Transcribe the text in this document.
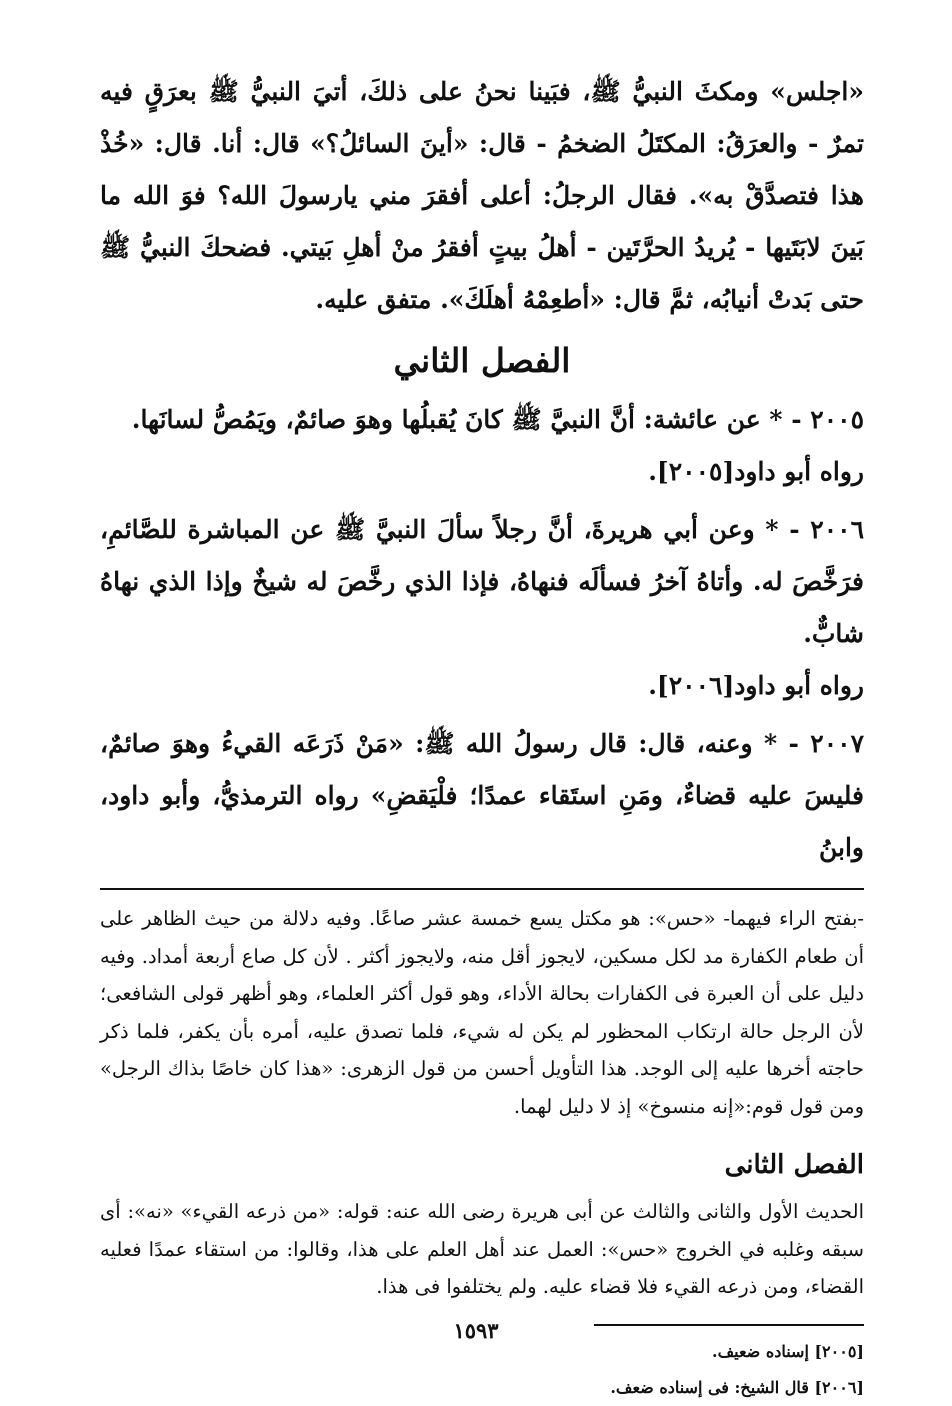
«اجلس» ومكثَ النبيُّ ﷺ، فبَينا نحنُ على ذلكَ، أتيَ النبيُّ ﷺ بعرَقٍ فيه تمرٌ - والعرَقُ: المكتَلُ الضخمُ - قال: «أينَ السائلُ؟» قال: أنا. قال: «خُذْ هذا فتصدَّقْ به». فقال الرجلُ: أعلى أفقرَ مني يارسولَ الله؟ فوَ الله ما بَينَ لابَتَيها - يُريدُ الحرَّتَين - أهلُ بيتٍ أفقرُ منْ أهلِ بَيتي. فضحكَ النبيُّ ﷺ حتى بَدتْ أنيابُه، ثمَّ قال: «أطعِمْهُ أهلَكَ». متفق عليه.

الفصل الثاني

٢٠٠٥ - * عن عائشة: أنَّ النبيَّ ﷺ كانَ يُقبلُها وهوَ صائمٌ، ويَمُصُّ لسانَها.

رواه أبو داود[٢٠٠٥].

٢٠٠٦ - * وعن أبي هريرةَ، أنَّ رجلاً سألَ النبيَّ ﷺ عن المباشرة للصَّائمِ، فرَخَّصَ له. وأتاهُ آخرُ فسألَه فنهاهُ، فإذا الذي رخَّصَ له شيخٌ وإذا الذي نهاهُ شابٌّ.

رواه أبو داود[٢٠٠٦].

٢٠٠٧ - * وعنه، قال: قال رسولُ الله ﷺ: «مَنْ ذَرَعَه القيءُ وهوَ صائمٌ، فليسَ عليه قضاءٌ، ومَنِ استَقاء عمدًا؛ فلْيَقضِ» رواه الترمذيُّ، وأبو داود، وابنُ

-بفتح الراء فيهما- «حس»: هو مكتل يسع خمسة عشر صاعًا. وفيه دلالة من حيث الظاهر على أن طعام الكفارة مد لكل مسكين، لايجوز أقل منه، ولايجوز أكثر . لأن كل صاع أربعة أمداد. وفيه دليل على أن العبرة فى الكفارات بحالة الأداء، وهو قول أكثر العلماء، وهو أظهر قولى الشافعى؛ لأن الرجل حالة ارتكاب المحظور لم يكن له شيء، فلما تصدق عليه، أمره بأن يكفر، فلما ذكر حاجته أخرها عليه إلى الوجد. هذا التأويل أحسن من قول الزهرى: «هذا كان خاصًا بذاك الرجل» ومن قول قوم:«إنه منسوخ» إذ لا دليل لهما.

الفصل الثانى

الحديث الأول والثانى والثالث عن أبى هريرة رضى الله عنه: قوله: «من ذرعه القيء» «نه»: أى سبقه وغلبه في الخروج «حس»: العمل عند أهل العلم على هذا، وقالوا: من استقاء عمدًا فعليه القضاء، ومن ذرعه القيء فلا قضاء عليه. ولم يختلفوا فى هذا.

[٢٠٠٥] إسناده ضعيف.

[٢٠٠٦] قال الشيخ: فى إسناده ضعف.

١٥٩٣
